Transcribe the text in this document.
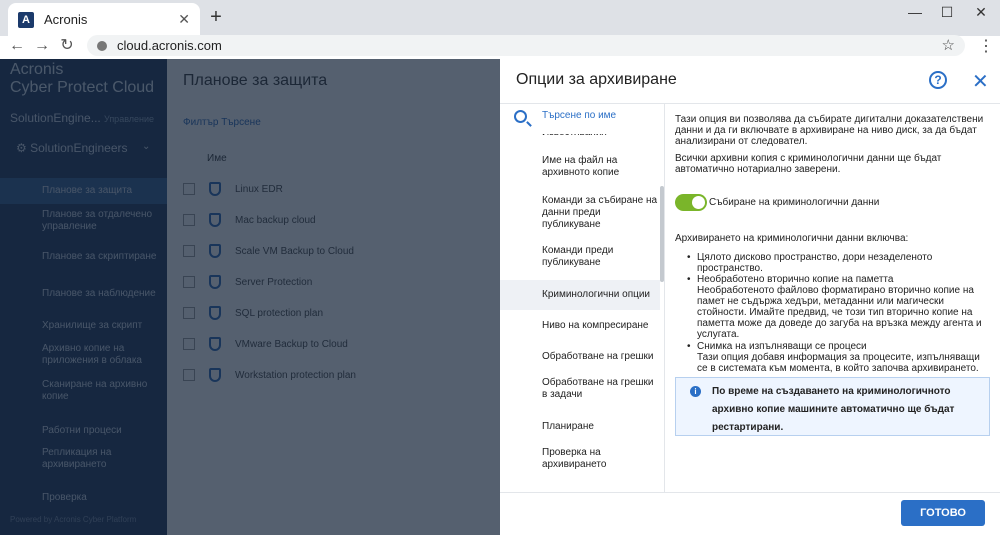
A	Acronis	✕	+	—	☐	✕
← → ↻	cloud.acronis.com	☆ ⋮
Опции за архивиране	? ✕
Търсене по име
Име на файл на архивното копие
Команди за събиране на данни преди публикуване
Команди преди публикуване
Криминологични опции
Ниво на компресиране
Обработване на грешки
Обработване на грешки в задачи
Планиране
Проверка на архивирането
Тази опция ви позволява да събирате дигитални доказателствени данни и да ги включвате в архивиране на ниво диск, за да бъдат анализирани от следовател.
Всички архивни копия с криминологични данни ще бъдат автоматично нотариално заверени.
Събиране на криминологични данни
Архивирането на криминологични данни включва:
• Цялото дисково пространство, дори незаделеното пространство.
• Необработено вторично копие на паметта
Необработеното файлово форматирано вторично копие на памет не съдържа хедъри, метаданни или магически стойности. Имайте предвид, че този тип вторично копие на паметта може да доведе до загуба на връзка между агента и услугата.
• Снимка на изпълняващи се процеси
Тази опция добавя информация за процесите, изпълняващи се в системата към момента, в който започва архивирането.
i	По време на създаването на криминологичното архивно копие машините автоматично ще бъдат рестартирани.
ГОТОВО
